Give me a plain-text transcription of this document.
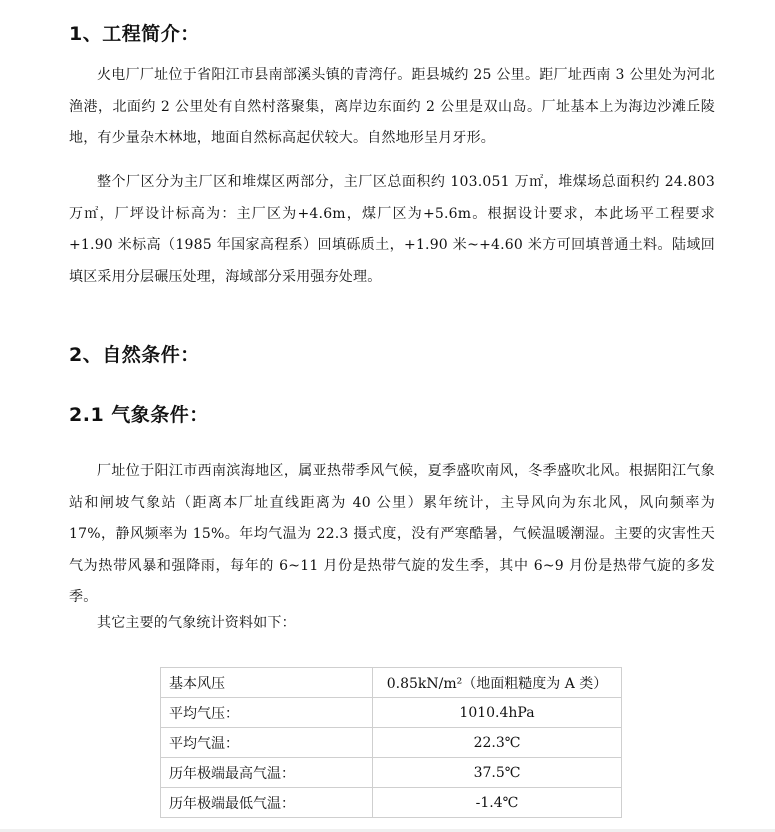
1、工程简介：

火电厂厂址位于省阳江市县南部溪头镇的青湾仔。距县城约 25 公里。距厂址西南 3 公里处为河北渔港，北面约 2 公里处有自然村落聚集，离岸边东面约 2 公里是双山岛。厂址基本上为海边沙滩丘陵地，有少量杂木林地，地面自然标高起伏较大。自然地形呈月牙形。

整个厂区分为主厂区和堆煤区两部分，主厂区总面积约 103.051 万㎡，堆煤场总面积约 24.803 万㎡，厂坪设计标高为：主厂区为+4.6m，煤厂区为+5.6m。根据设计要求，本此场平工程要求+1.90 米标高（1985 年国家高程系）回填砾质土，+1.90 米~+4.60 米方可回填普通土料。陆域回填区采用分层碾压处理，海域部分采用强夯处理。

2、自然条件：
2.1 气象条件：

厂址位于阳江市西南滨海地区，属亚热带季风气候，夏季盛吹南风，冬季盛吹北风。根据阳江气象站和闸坡气象站（距离本厂址直线距离为 40 公里）累年统计，主导风向为东北风，风向频率为 17%，静风频率为 15%。年均气温为 22.3 摄式度，没有严寒酷暑，气候温暖潮湿。主要的灾害性天气为热带风暴和强降雨，每年的 6~11 月份是热带气旋的发生季，其中 6~9 月份是热带气旋的多发季。

其它主要的气象统计资料如下：

基本风压	0.85kN/m²（地面粗糙度为 A 类）
平均气压：	1010.4hPa
平均气温：	22.3℃
历年极端最高气温：	37.5℃
历年极端最低气温：	-1.4℃
